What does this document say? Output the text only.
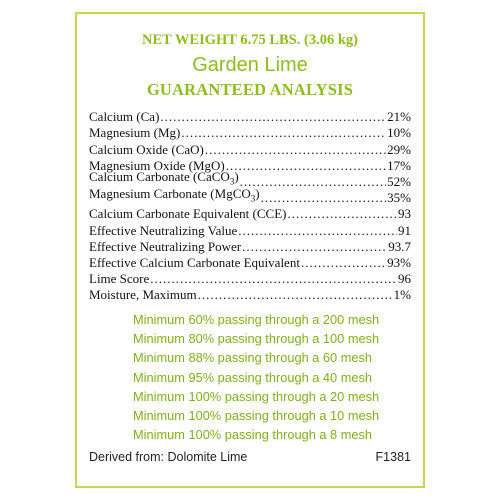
NET WEIGHT 6.75 LBS. (3.06 kg)
Garden Lime
GUARANTEED ANALYSIS
Calcium (Ca) .....	21%
Magnesium (Mg) .....	10%
Calcium Oxide (CaO) .....	29%
Magnesium Oxide (MgO) .....	17%
Calcium Carbonate (CaCO$_3$) .....	52%
Magnesium Carbonate (MgCO$_3$) .....	35%
Calcium Carbonate Equivalent (CCE) .....	93
Effective Neutralizing Value .....	91
Effective Neutralizing Power .....	93.7
Effective Calcium Carbonate Equivalent .....	93%
Lime Score .....	96
Moisture, Maximum .....	1%
Minimum 60% passing through a 200 mesh
Minimum 80% passing through a 100 mesh
Minimum 88% passing through a 60 mesh
Minimum 95% passing through a 40 mesh
Minimum 100% passing through a 20 mesh
Minimum 100% passing through a 10 mesh
Minimum 100% passing through a 8 mesh
Derived from: Dolomite Lime	F1381
